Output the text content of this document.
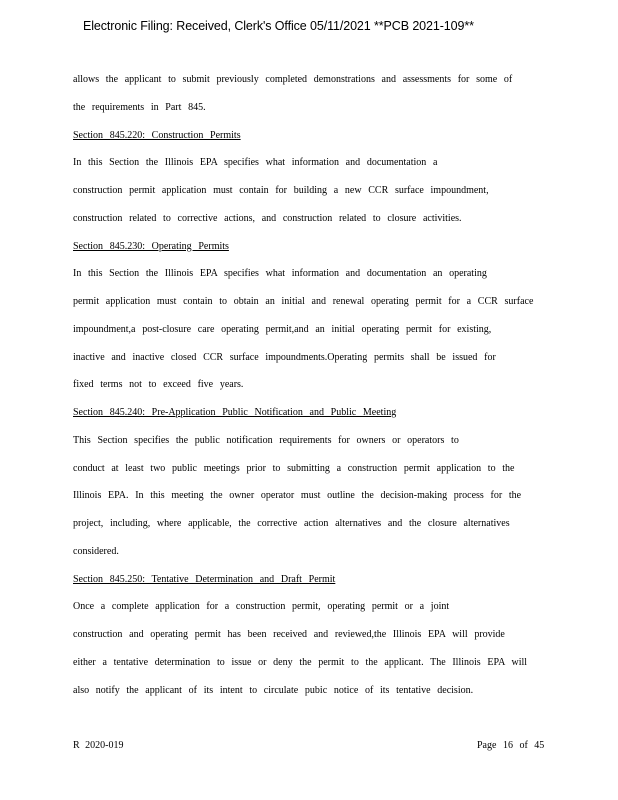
Electronic Filing: Received, Clerk's Office 05/11/2021 **PCB 2021-109**
allows the applicant to submit previously completed demonstrations and assessments for some of
the requirements in Part 845.
Section 845.220: Construction Permits
In this Section the Illinois EPA specifies what information and documentation a
construction permit application must contain for building a new CCR surface impoundment,
construction related to corrective actions, and construction related to closure activities.
Section 845.230: Operating Permits
In this Section the Illinois EPA specifies what information and documentation an operating
permit application must contain to obtain an initial and renewal operating permit for a CCR surface
impoundment,a post-closure care operating permit,and an initial operating permit for existing,
inactive and inactive closed CCR surface impoundments.Operating permits shall be issued for
fixed terms not to exceed five years.
Section 845.240: Pre-Application Public Notification and Public Meeting
This Section specifies the public notification requirements for owners or operators to
conduct at least two public meetings prior to submitting a construction permit application to the
Illinois EPA. In this meeting the owner operator must outline the decision-making process for the
project, including, where applicable, the corrective action alternatives and the closure alternatives
considered.
Section 845.250: Tentative Determination and Draft Permit
Once a complete application for a construction permit, operating permit or a joint
construction and operating permit has been received and reviewed,the Illinois EPA will provide
either a tentative determination to issue or deny the permit to the applicant. The Illinois EPA will
also notify the applicant of its intent to circulate pubic notice of its tentative decision.
R 2020-019	Page 16 of 45
